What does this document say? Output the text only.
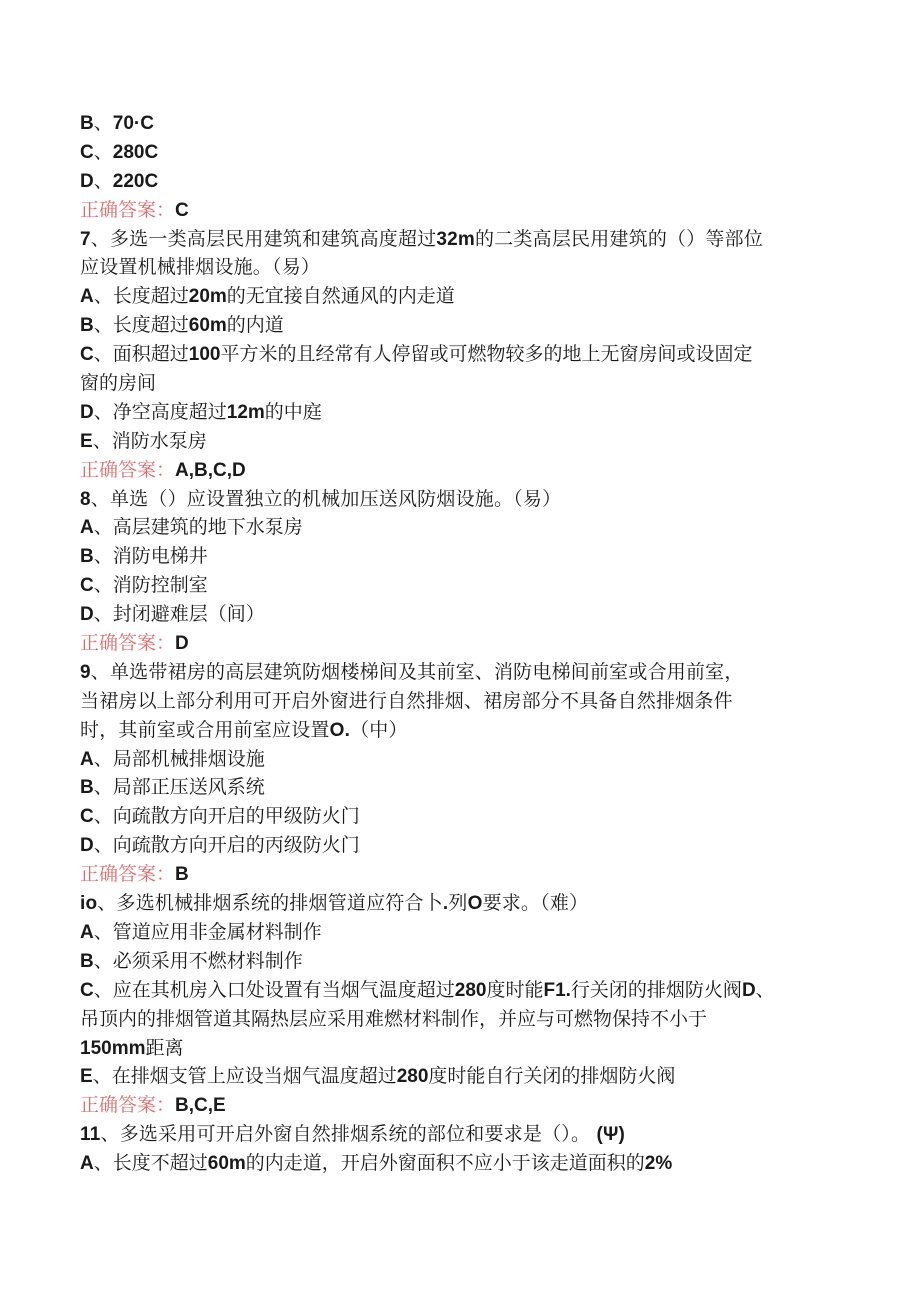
B、70·C
C、280C
D、220C
正确答案：C
7、多选一类高层民用建筑和建筑高度超过32m的二类高层民用建筑的（）等部位
应设置机械排烟设施。（易）
A、长度超过20m的无宜接自然通风的内走道
B、长度超过60m的内道
C、面积超过100平方米的且经常有人停留或可燃物较多的地上无窗房间或设固定
窗的房间
D、净空高度超过12m的中庭
E、消防水泵房
正确答案：A,B,C,D
8、单选（）应设置独立的机械加压送风防烟设施。（易）
A、高层建筑的地下水泵房
B、消防电梯井
C、消防控制室
D、封闭避难层（间）
正确答案：D
9、单选带裙房的高层建筑防烟楼梯间及其前室、消防电梯间前室或合用前室，
当裙房以上部分利用可开启外窗进行自然排烟、裙房部分不具备自然排烟条件
时，其前室或合用前室应设置O.（中）
A、局部机械排烟设施
B、局部正压送风系统
C、向疏散方向开启的甲级防火门
D、向疏散方向开启的丙级防火门
正确答案：B
io、多选机械排烟系统的排烟管道应符合卜.列O要求。（难）
A、管道应用非金属材料制作
B、必须采用不燃材料制作
C、应在其机房入口处设置有当烟气温度超过280度时能F1.行关闭的排烟防火阀D、
吊顶内的排烟管道其隔热层应采用难燃材料制作，并应与可燃物保持不小于
150mm距离
E、在排烟支管上应设当烟气温度超过280度时能自行关闭的排烟防火阀
正确答案：B,C,E
11、多选采用可开启外窗自然排烟系统的部位和要求是（）。 (Ψ)
A、长度不超过60m的内走道，开启外窗面积不应小于该走道面积的2%
